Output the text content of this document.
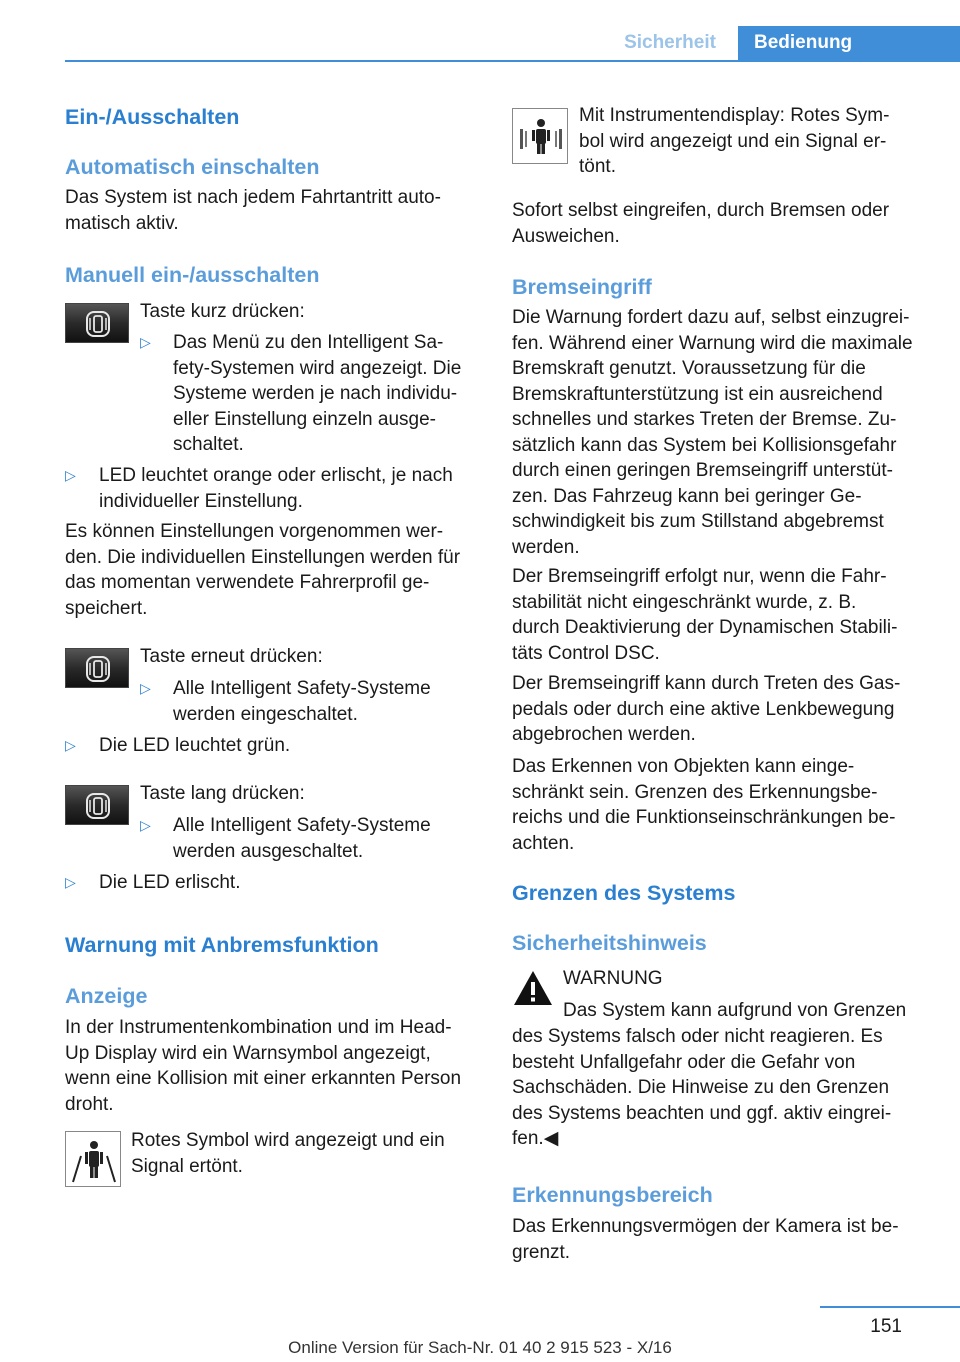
Sicherheit	Bedienung
Ein-/Ausschalten
Automatisch einschalten
Das System ist nach jedem Fahrtantritt auto-
matisch aktiv.
Manuell ein-/ausschalten
Taste kurz drücken:
▷ Das Menü zu den Intelligent Sa-
fety-Systemen wird angezeigt. Die
Systeme werden je nach individu-
eller Einstellung einzeln ausge-
schaltet.
▷ LED leuchtet orange oder erlischt, je nach
individueller Einstellung.
Es können Einstellungen vorgenommen wer-
den. Die individuellen Einstellungen werden für
das momentan verwendete Fahrerprofil ge-
speichert.
Taste erneut drücken:
▷ Alle Intelligent Safety-Systeme
werden eingeschaltet.
▷ Die LED leuchtet grün.
Taste lang drücken:
▷ Alle Intelligent Safety-Systeme
werden ausgeschaltet.
▷ Die LED erlischt.
Warnung mit Anbremsfunktion
Anzeige
In der Instrumentenkombination und im Head-
Up Display wird ein Warnsymbol angezeigt,
wenn eine Kollision mit einer erkannten Person
droht.
Rotes Symbol wird angezeigt und ein
Signal ertönt.
Mit Instrumentendisplay: Rotes Sym-
bol wird angezeigt und ein Signal er-
tönt.
Sofort selbst eingreifen, durch Bremsen oder
Ausweichen.
Bremseingriff
Die Warnung fordert dazu auf, selbst einzugrei-
fen. Während einer Warnung wird die maximale
Bremskraft genutzt. Voraussetzung für die
Bremskraftunterstützung ist ein ausreichend
schnelles und starkes Treten der Bremse. Zu-
sätzlich kann das System bei Kollisionsgefahr
durch einen geringen Bremseingriff unterstüt-
zen. Das Fahrzeug kann bei geringer Ge-
schwindigkeit bis zum Stillstand abgebremst
werden.
Der Bremseingriff erfolgt nur, wenn die Fahr-
stabilität nicht eingeschränkt wurde, z. B.
durch Deaktivierung der Dynamischen Stabili-
täts Control DSC.
Der Bremseingriff kann durch Treten des Gas-
pedals oder durch eine aktive Lenkbewegung
abgebrochen werden.
Das Erkennen von Objekten kann einge-
schränkt sein. Grenzen des Erkennungsbe-
reichs und die Funktionseinschränkungen be-
achten.
Grenzen des Systems
Sicherheitshinweis
WARNUNG
Das System kann aufgrund von Grenzen
des Systems falsch oder nicht reagieren. Es
besteht Unfallgefahr oder die Gefahr von
Sachschäden. Die Hinweise zu den Grenzen
des Systems beachten und ggf. aktiv eingrei-
fen.◀
Erkennungsbereich
Das Erkennungsvermögen der Kamera ist be-
grenzt.
151
Online Version für Sach-Nr. 01 40 2 915 523 - X/16
